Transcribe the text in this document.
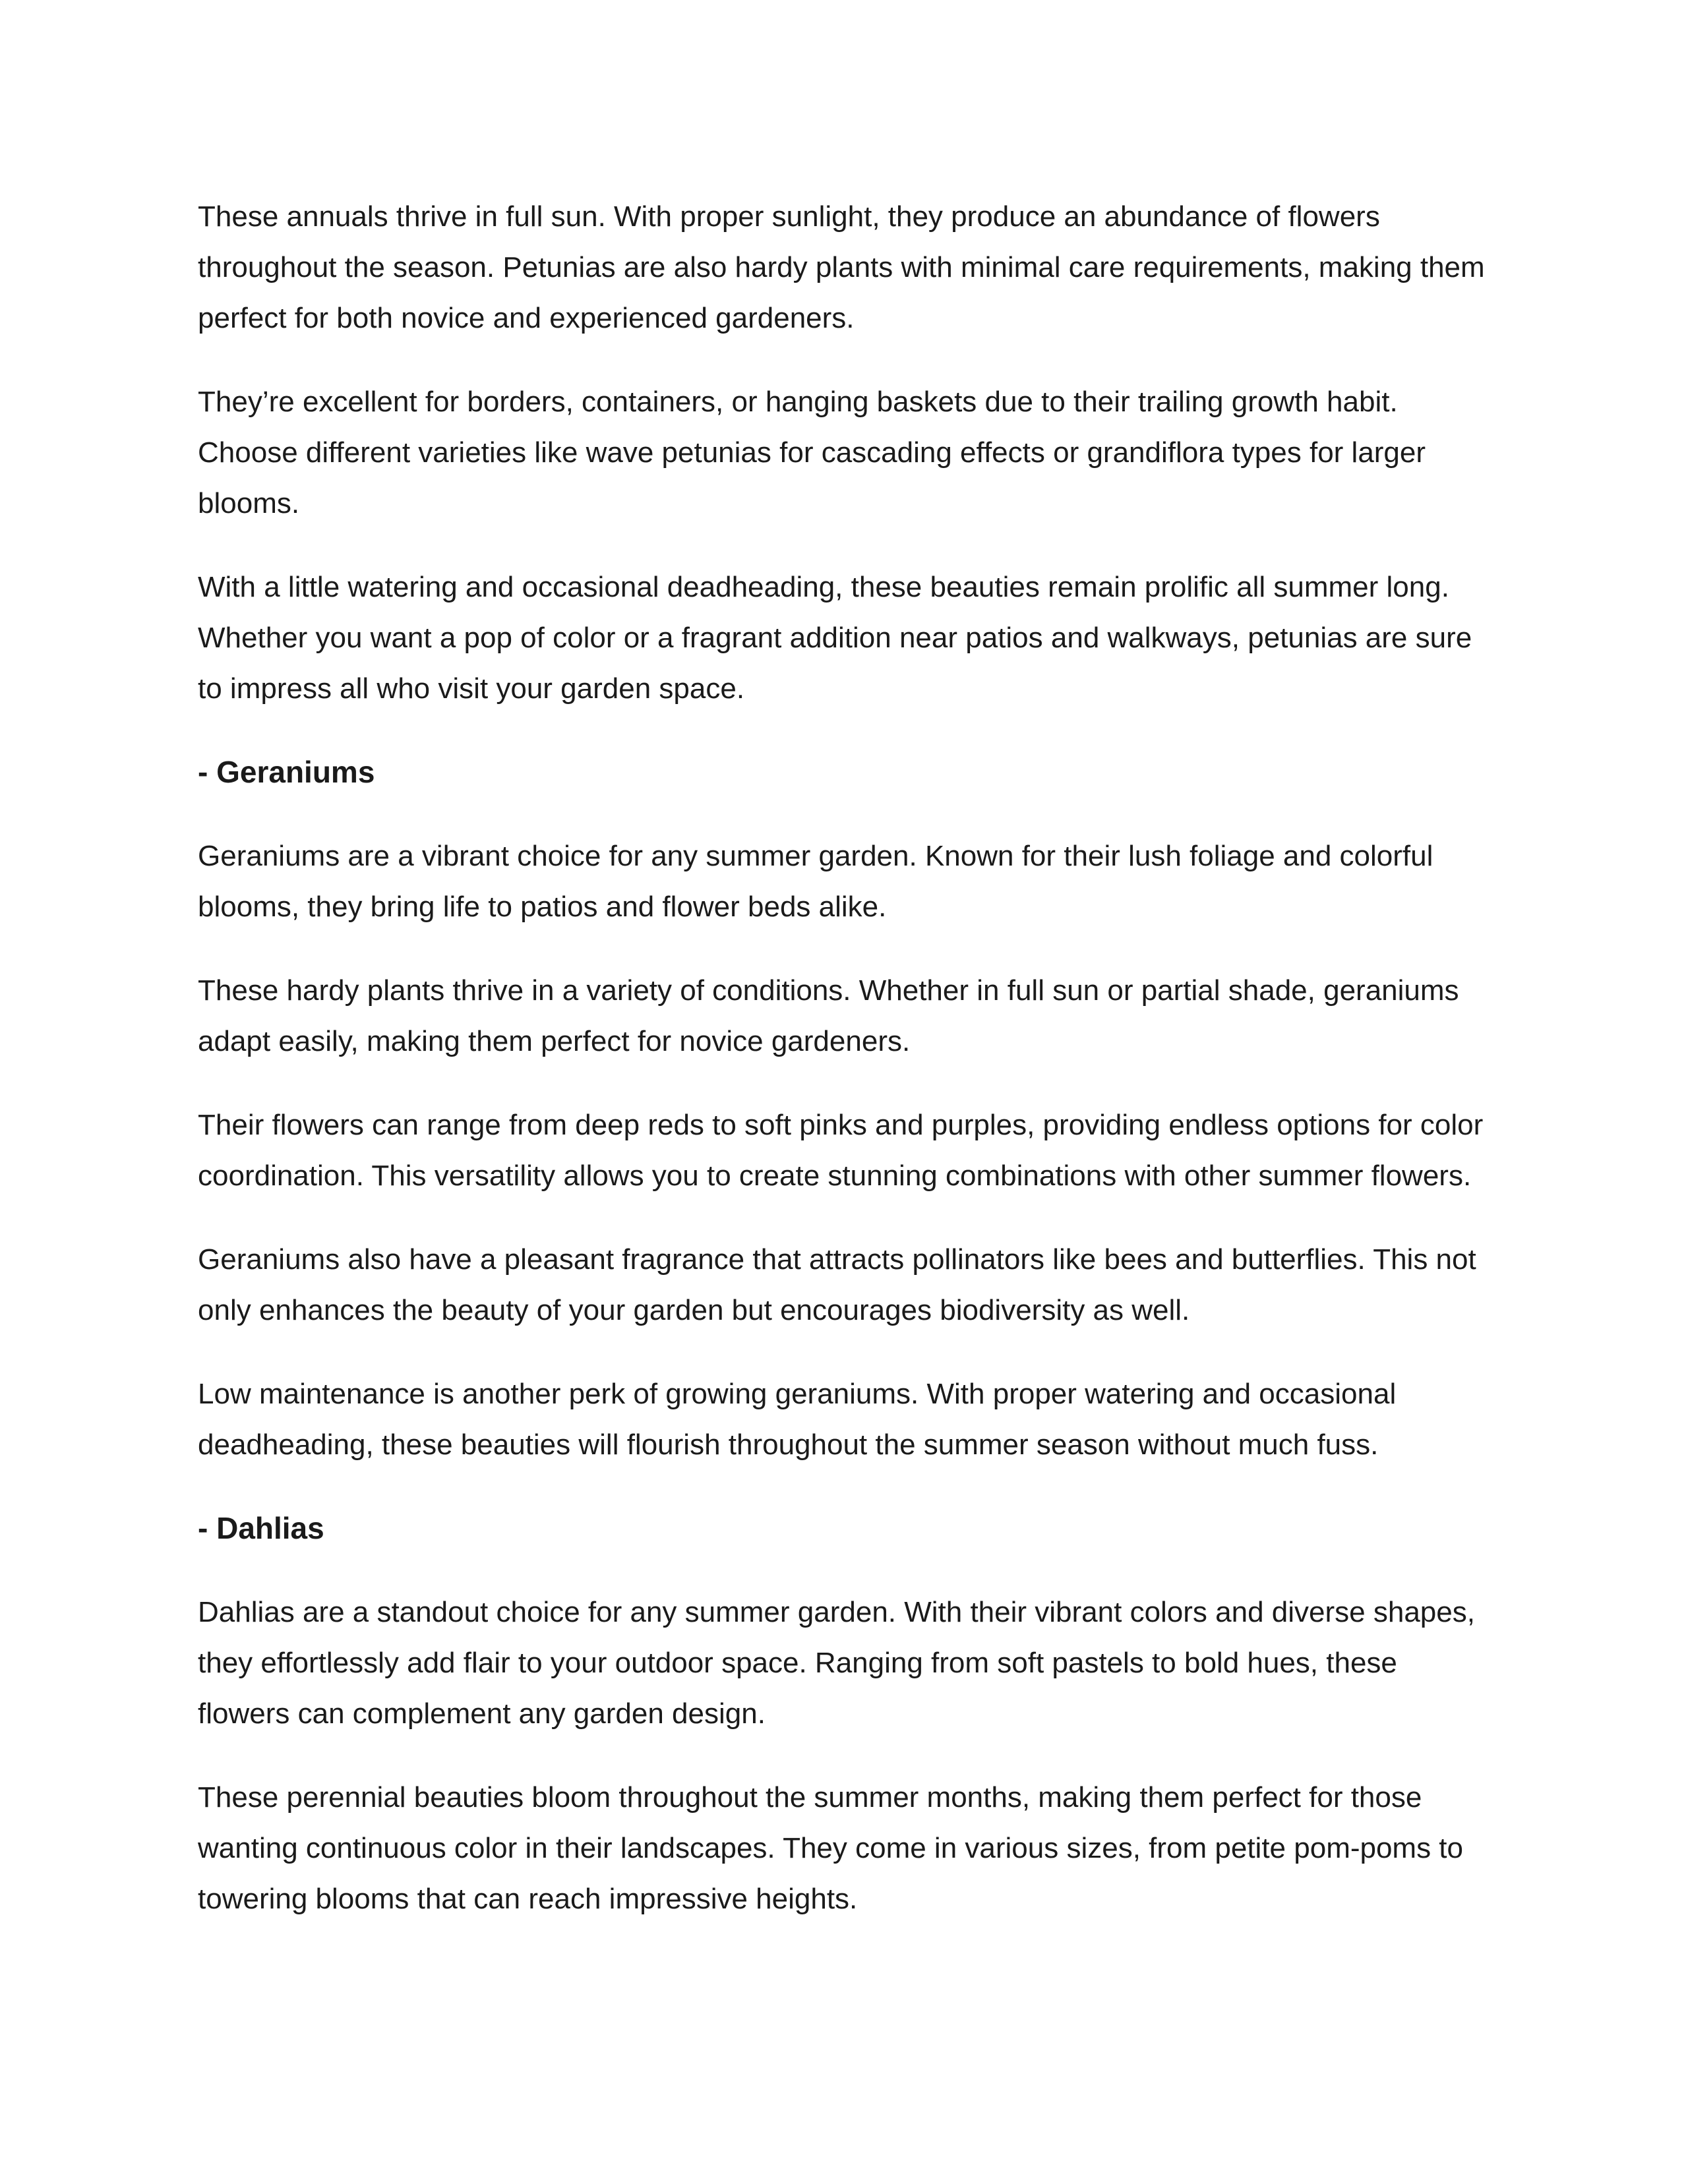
These annuals thrive in full sun. With proper sunlight, they produce an abundance of flowers throughout the season. Petunias are also hardy plants with minimal care requirements, making them perfect for both novice and experienced gardeners.

They’re excellent for borders, containers, or hanging baskets due to their trailing growth habit. Choose different varieties like wave petunias for cascading effects or grandiflora types for larger blooms.

With a little watering and occasional deadheading, these beauties remain prolific all summer long. Whether you want a pop of color or a fragrant addition near patios and walkways, petunias are sure to impress all who visit your garden space.

- Geraniums

Geraniums are a vibrant choice for any summer garden. Known for their lush foliage and colorful blooms, they bring life to patios and flower beds alike.

These hardy plants thrive in a variety of conditions. Whether in full sun or partial shade, geraniums adapt easily, making them perfect for novice gardeners.

Their flowers can range from deep reds to soft pinks and purples, providing endless options for color coordination. This versatility allows you to create stunning combinations with other summer flowers.

Geraniums also have a pleasant fragrance that attracts pollinators like bees and butterflies. This not only enhances the beauty of your garden but encourages biodiversity as well.

Low maintenance is another perk of growing geraniums. With proper watering and occasional deadheading, these beauties will flourish throughout the summer season without much fuss.

- Dahlias

Dahlias are a standout choice for any summer garden. With their vibrant colors and diverse shapes, they effortlessly add flair to your outdoor space. Ranging from soft pastels to bold hues, these flowers can complement any garden design.

These perennial beauties bloom throughout the summer months, making them perfect for those wanting continuous color in their landscapes. They come in various sizes, from petite pom-poms to towering blooms that can reach impressive heights.
